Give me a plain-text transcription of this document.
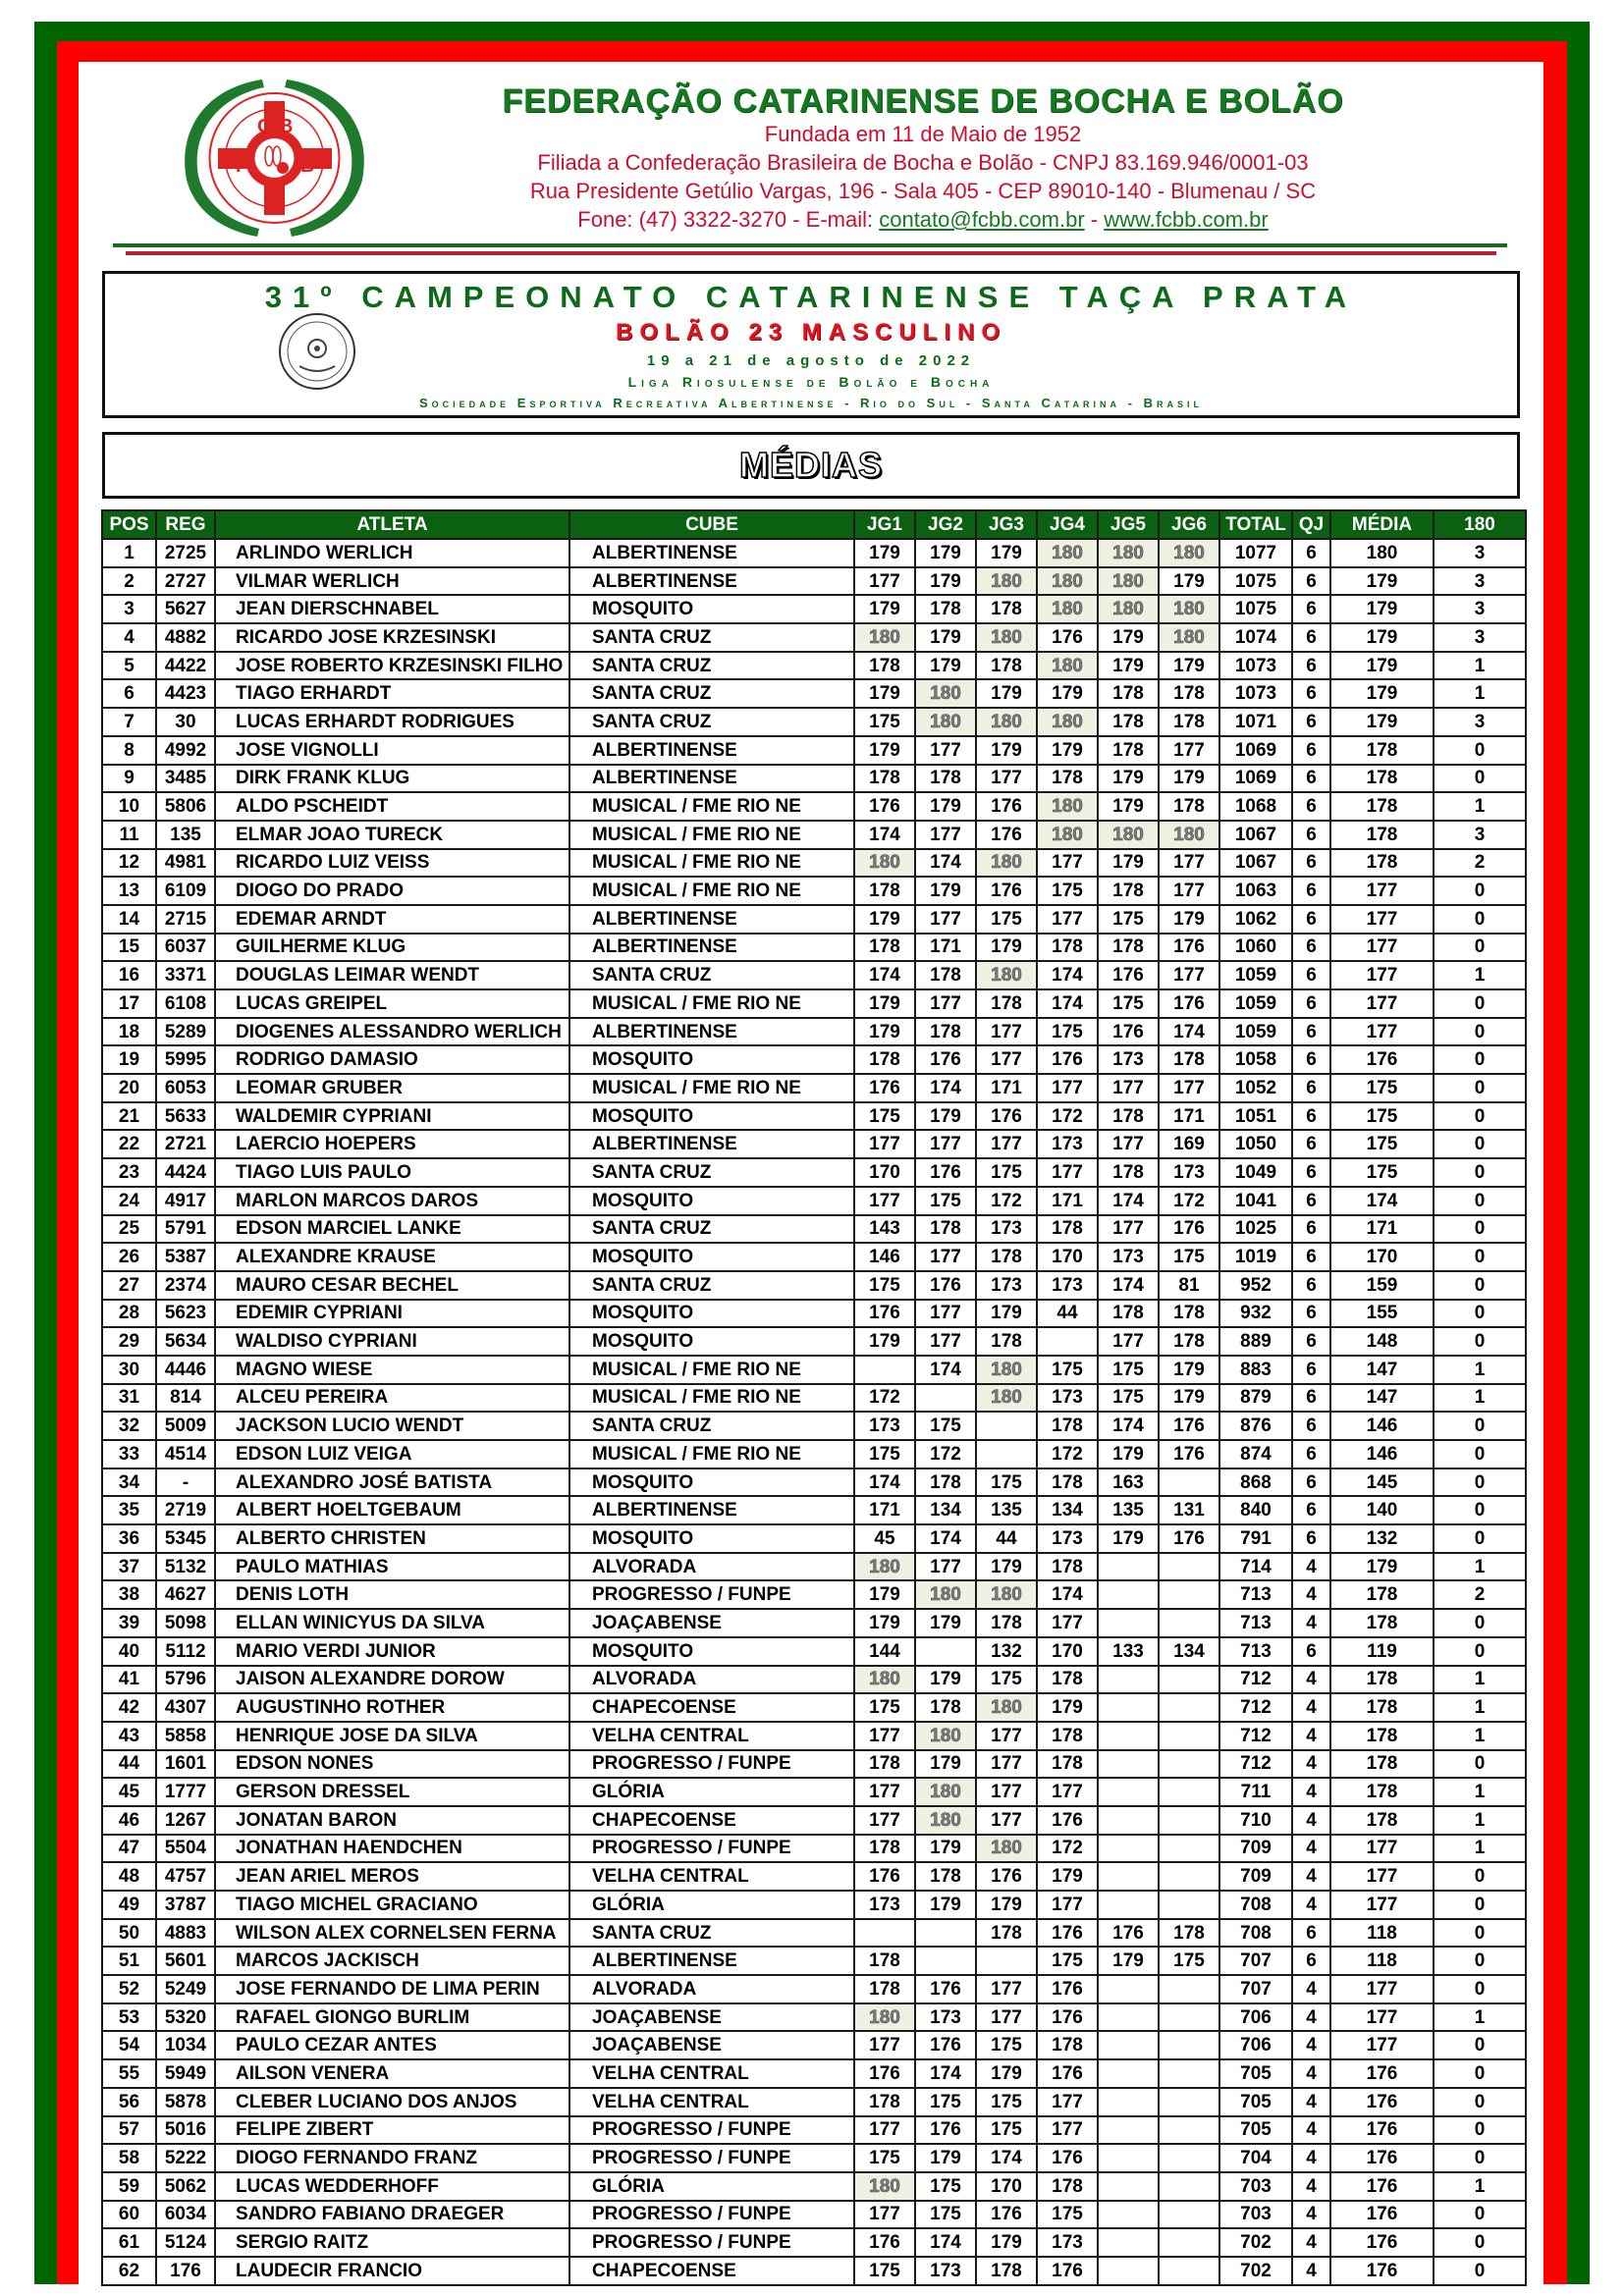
C B
F	B
FEDERAÇÃO CATARINENSE DE BOCHA E BOLÃO
Fundada em 11 de Maio de 1952
Filiada a Confederação Brasileira de Bocha e Bolão - CNPJ 83.169.946/0001-03
Rua Presidente Getúlio Vargas, 196 - Sala 405 - CEP 89010-140 - Blumenau / SC
Fone: (47) 3322-3270 - E-mail: contato@fcbb.com.br - www.fcbb.com.br
31º CAMPEONATO CATARINENSE TAÇA PRATA
BOLÃO 23 MASCULINO
19 a 21 de agosto de 2022
Liga Riosulense de Bolão e Bocha
Sociedade Esportiva Recreativa Albertinense - Rio do Sul - Santa Catarina - Brasil
MÉDIAS
POS	REG	ATLETA	CUBE	JG1	JG2	JG3	JG4	JG5	JG6	TOTAL	QJ	MÉDIA	180
1	2725	ARLINDO WERLICH	ALBERTINENSE	179	179	179	180	180	180	1077	6	180	3
2	2727	VILMAR WERLICH	ALBERTINENSE	177	179	180	180	180	179	1075	6	179	3
3	5627	JEAN DIERSCHNABEL	MOSQUITO	179	178	178	180	180	180	1075	6	179	3
4	4882	RICARDO JOSE KRZESINSKI	SANTA CRUZ	180	179	180	176	179	180	1074	6	179	3
5	4422	JOSE ROBERTO KRZESINSKI FILHO	SANTA CRUZ	178	179	178	180	179	179	1073	6	179	1
6	4423	TIAGO ERHARDT	SANTA CRUZ	179	180	179	179	178	178	1073	6	179	1
7	30	LUCAS ERHARDT RODRIGUES	SANTA CRUZ	175	180	180	180	178	178	1071	6	179	3
8	4992	JOSE VIGNOLLI	ALBERTINENSE	179	177	179	179	178	177	1069	6	178	0
9	3485	DIRK FRANK KLUG	ALBERTINENSE	178	178	177	178	179	179	1069	6	178	0
10	5806	ALDO PSCHEIDT	MUSICAL / FME RIO NE	176	179	176	180	179	178	1068	6	178	1
11	135	ELMAR JOAO TURECK	MUSICAL / FME RIO NE	174	177	176	180	180	180	1067	6	178	3
12	4981	RICARDO LUIZ VEISS	MUSICAL / FME RIO NE	180	174	180	177	179	177	1067	6	178	2
13	6109	DIOGO DO PRADO	MUSICAL / FME RIO NE	178	179	176	175	178	177	1063	6	177	0
14	2715	EDEMAR ARNDT	ALBERTINENSE	179	177	175	177	175	179	1062	6	177	0
15	6037	GUILHERME KLUG	ALBERTINENSE	178	171	179	178	178	176	1060	6	177	0
16	3371	DOUGLAS LEIMAR WENDT	SANTA CRUZ	174	178	180	174	176	177	1059	6	177	1
17	6108	LUCAS GREIPEL	MUSICAL / FME RIO NE	179	177	178	174	175	176	1059	6	177	0
18	5289	DIOGENES ALESSANDRO WERLICH	ALBERTINENSE	179	178	177	175	176	174	1059	6	177	0
19	5995	RODRIGO DAMASIO	MOSQUITO	178	176	177	176	173	178	1058	6	176	0
20	6053	LEOMAR GRUBER	MUSICAL / FME RIO NE	176	174	171	177	177	177	1052	6	175	0
21	5633	WALDEMIR CYPRIANI	MOSQUITO	175	179	176	172	178	171	1051	6	175	0
22	2721	LAERCIO HOEPERS	ALBERTINENSE	177	177	177	173	177	169	1050	6	175	0
23	4424	TIAGO LUIS PAULO	SANTA CRUZ	170	176	175	177	178	173	1049	6	175	0
24	4917	MARLON MARCOS DAROS	MOSQUITO	177	175	172	171	174	172	1041	6	174	0
25	5791	EDSON MARCIEL LANKE	SANTA CRUZ	143	178	173	178	177	176	1025	6	171	0
26	5387	ALEXANDRE KRAUSE	MOSQUITO	146	177	178	170	173	175	1019	6	170	0
27	2374	MAURO CESAR BECHEL	SANTA CRUZ	175	176	173	173	174	81	952	6	159	0
28	5623	EDEMIR CYPRIANI	MOSQUITO	176	177	179	44	178	178	932	6	155	0
29	5634	WALDISO CYPRIANI	MOSQUITO	179	177	178		177	178	889	6	148	0
30	4446	MAGNO WIESE	MUSICAL / FME RIO NE		174	180	175	175	179	883	6	147	1
31	814	ALCEU PEREIRA	MUSICAL / FME RIO NE	172		180	173	175	179	879	6	147	1
32	5009	JACKSON LUCIO WENDT	SANTA CRUZ	173	175		178	174	176	876	6	146	0
33	4514	EDSON LUIZ VEIGA	MUSICAL / FME RIO NE	175	172		172	179	176	874	6	146	0
34	-	ALEXANDRO JOSÉ BATISTA	MOSQUITO	174	178	175	178	163		868	6	145	0
35	2719	ALBERT HOELTGEBAUM	ALBERTINENSE	171	134	135	134	135	131	840	6	140	0
36	5345	ALBERTO CHRISTEN	MOSQUITO	45	174	44	173	179	176	791	6	132	0
37	5132	PAULO MATHIAS	ALVORADA	180	177	179	178			714	4	179	1
38	4627	DENIS LOTH	PROGRESSO / FUNPE	179	180	180	174			713	4	178	2
39	5098	ELLAN WINICYUS DA SILVA	JOAÇABENSE	179	179	178	177			713	4	178	0
40	5112	MARIO VERDI JUNIOR	MOSQUITO	144		132	170	133	134	713	6	119	0
41	5796	JAISON ALEXANDRE DOROW	ALVORADA	180	179	175	178			712	4	178	1
42	4307	AUGUSTINHO ROTHER	CHAPECOENSE	175	178	180	179			712	4	178	1
43	5858	HENRIQUE JOSE DA SILVA	VELHA CENTRAL	177	180	177	178			712	4	178	1
44	1601	EDSON NONES	PROGRESSO / FUNPE	178	179	177	178			712	4	178	0
45	1777	GERSON DRESSEL	GLÓRIA	177	180	177	177			711	4	178	1
46	1267	JONATAN BARON	CHAPECOENSE	177	180	177	176			710	4	178	1
47	5504	JONATHAN HAENDCHEN	PROGRESSO / FUNPE	178	179	180	172			709	4	177	1
48	4757	JEAN ARIEL MEROS	VELHA CENTRAL	176	178	176	179			709	4	177	0
49	3787	TIAGO MICHEL GRACIANO	GLÓRIA	173	179	179	177			708	4	177	0
50	4883	WILSON ALEX CORNELSEN FERNA	SANTA CRUZ			178	176	176	178	708	6	118	0
51	5601	MARCOS JACKISCH	ALBERTINENSE	178			175	179	175	707	6	118	0
52	5249	JOSE FERNANDO DE LIMA PERIN	ALVORADA	178	176	177	176			707	4	177	0
53	5320	RAFAEL GIONGO BURLIM	JOAÇABENSE	180	173	177	176			706	4	177	1
54	1034	PAULO CEZAR ANTES	JOAÇABENSE	177	176	175	178			706	4	177	0
55	5949	AILSON VENERA	VELHA CENTRAL	176	174	179	176			705	4	176	0
56	5878	CLEBER LUCIANO DOS ANJOS	VELHA CENTRAL	178	175	175	177			705	4	176	0
57	5016	FELIPE ZIBERT	PROGRESSO / FUNPE	177	176	175	177			705	4	176	0
58	5222	DIOGO FERNANDO FRANZ	PROGRESSO / FUNPE	175	179	174	176			704	4	176	0
59	5062	LUCAS WEDDERHOFF	GLÓRIA	180	175	170	178			703	4	176	1
60	6034	SANDRO FABIANO DRAEGER	PROGRESSO / FUNPE	177	175	176	175			703	4	176	0
61	5124	SERGIO RAITZ	PROGRESSO / FUNPE	176	174	179	173			702	4	176	0
62	176	LAUDECIR FRANCIO	CHAPECOENSE	175	173	178	176			702	4	176	0
